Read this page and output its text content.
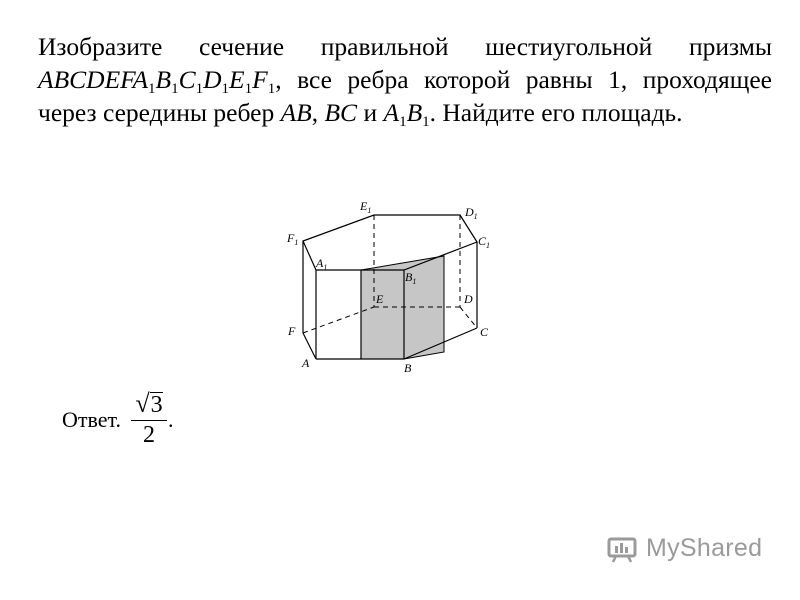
Изобразите сечение правильной шестиугольной призмы
$ABCDEFA_1B_1C_1D_1E_1F_1$, все ребра которой равны 1, проходящее
через середины ребер AB, BC и $A_1B_1$. Найдите его площадь.
A	B
C
D
E
F
$A_1$
$B_1$
$C_1$
$D_1$
$E_1$
$F_1$
Ответ. $\frac{√ 3}{2}$ .
MyShared
